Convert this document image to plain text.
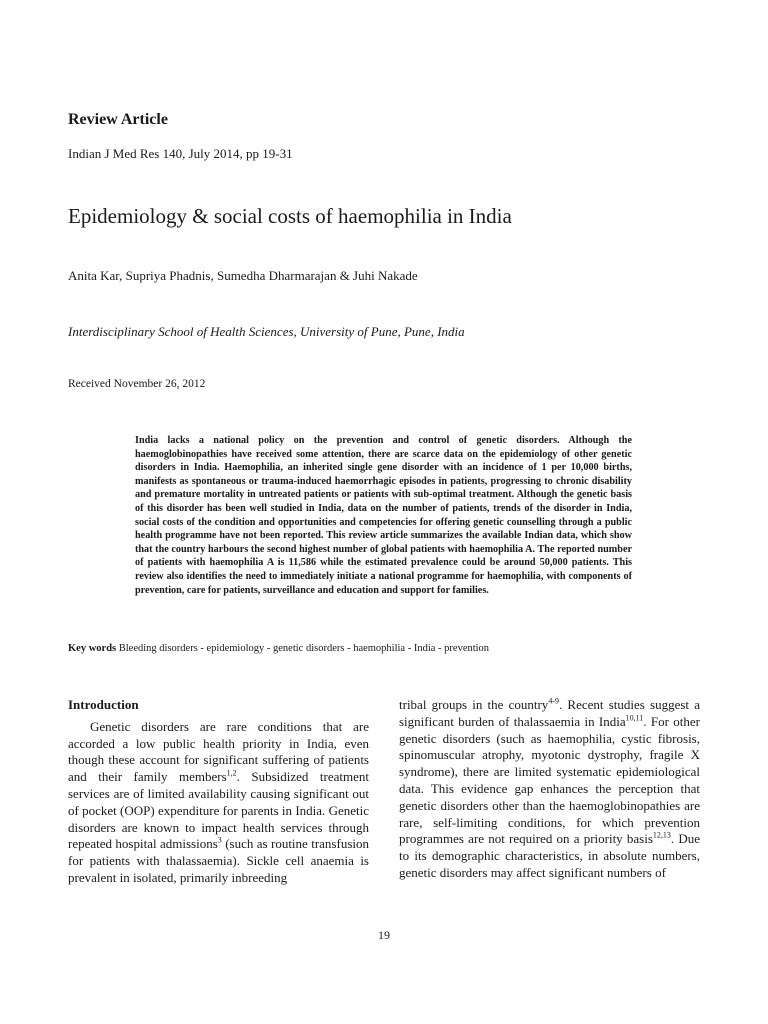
Review Article
Indian J Med Res 140, July 2014, pp 19-31
Epidemiology & social costs of haemophilia in India
Anita Kar, Supriya Phadnis, Sumedha Dharmarajan & Juhi Nakade
Interdisciplinary School of Health Sciences, University of Pune, Pune, India
Received November 26, 2012
India lacks a national policy on the prevention and control of genetic disorders. Although the haemoglobinopathies have received some attention, there are scarce data on the epidemiology of other genetic disorders in India. Haemophilia, an inherited single gene disorder with an incidence of 1 per 10,000 births, manifests as spontaneous or trauma-induced haemorrhagic episodes in patients, progressing to chronic disability and premature mortality in untreated patients or patients with sub-optimal treatment. Although the genetic basis of this disorder has been well studied in India, data on the number of patients, trends of the disorder in India, social costs of the condition and opportunities and competencies for offering genetic counselling through a public health programme have not been reported. This review article summarizes the available Indian data, which show that the country harbours the second highest number of global patients with haemophilia A. The reported number of patients with haemophilia A is 11,586 while the estimated prevalence could be around 50,000 patients. This review also identifies the need to immediately initiate a national programme for haemophilia, with components of prevention, care for patients, surveillance and education and support for families.
Key words Bleeding disorders - epidemiology - genetic disorders - haemophilia - India - prevention
Introduction
Genetic disorders are rare conditions that are accorded a low public health priority in India, even though these account for significant suffering of patients and their family members$^{1,2}$. Subsidized treatment services are of limited availability causing significant out of pocket (OOP) expenditure for parents in India. Genetic disorders are known to impact health services through repeated hospital admissions$^3$ (such as routine transfusion for patients with thalassaemia). Sickle cell anaemia is prevalent in isolated, primarily inbreeding
tribal groups in the country$^{4-9}$. Recent studies suggest a significant burden of thalassaemia in India$^{10,11}$. For other genetic disorders (such as haemophilia, cystic fibrosis, spinomuscular atrophy, myotonic dystrophy, fragile X syndrome), there are limited systematic epidemiological data. This evidence gap enhances the perception that genetic disorders other than the haemoglobinopathies are rare, self-limiting conditions, for which prevention programmes are not required on a priority basis$^{12,13}$. Due to its demographic characteristics, in absolute numbers, genetic disorders may affect significant numbers of
19
